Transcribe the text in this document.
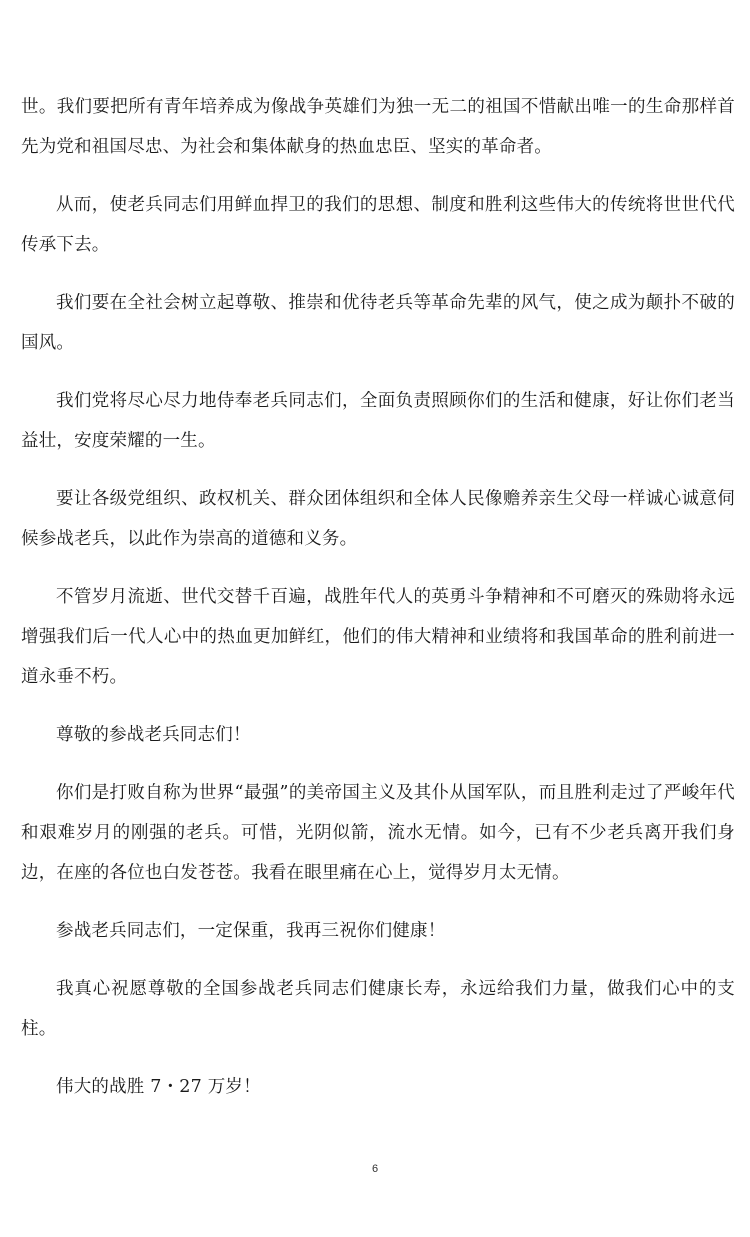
世。我们要把所有青年培养成为像战争英雄们为独一无二的祖国不惜献出唯一的生命那样首先为党和祖国尽忠、为社会和集体献身的热血忠臣、坚实的革命者。

从而，使老兵同志们用鲜血捍卫的我们的思想、制度和胜利这些伟大的传统将世世代代传承下去。

我们要在全社会树立起尊敬、推崇和优待老兵等革命先辈的风气，使之成为颠扑不破的国风。

我们党将尽心尽力地侍奉老兵同志们，全面负责照顾你们的生活和健康，好让你们老当益壮，安度荣耀的一生。

要让各级党组织、政权机关、群众团体组织和全体人民像赡养亲生父母一样诚心诚意伺候参战老兵，以此作为崇高的道德和义务。

不管岁月流逝、世代交替千百遍，战胜年代人的英勇斗争精神和不可磨灭的殊勋将永远增强我们后一代人心中的热血更加鲜红，他们的伟大精神和业绩将和我国革命的胜利前进一道永垂不朽。

尊敬的参战老兵同志们！

你们是打败自称为世界“最强”的美帝国主义及其仆从国军队，而且胜利走过了严峻年代和艰难岁月的刚强的老兵。可惜，光阴似箭，流水无情。如今，已有不少老兵离开我们身边，在座的各位也白发苍苍。我看在眼里痛在心上，觉得岁月太无情。

参战老兵同志们，一定保重，我再三祝你们健康！

我真心祝愿尊敬的全国参战老兵同志们健康长寿，永远给我们力量，做我们心中的支柱。

伟大的战胜 7・27 万岁！

6
